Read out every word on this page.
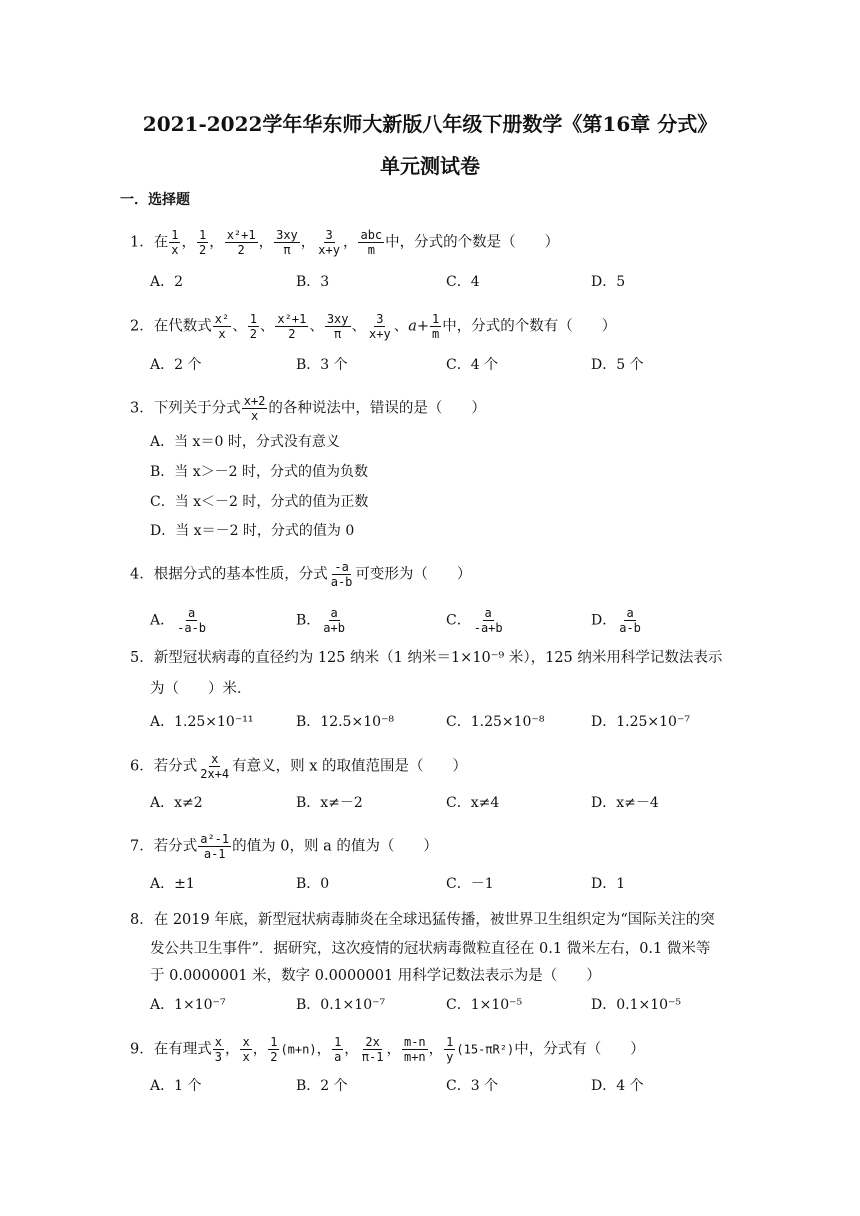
2021-2022学年华东师大新版八年级下册数学《第16章 分式》
单元测试卷
一．选择题
1．在 $\frac{1}{x}$ ， $\frac{1}{2}$ ， $\frac{\text{x²+1}}{2}$ ， $\frac{3xy}{\pi}$ ， $\frac{3}{x+y}$ ， $\frac{\text{abc}}{m}$ 中，分式的个数是（　　）
A．2	B．3	C．4	D．5
2．在代数式 $\frac{\text{x²}}{x}$ 、 $\frac{1}{2}$ 、 $\frac{\text{x²+1}}{2}$ 、 $\frac{3xy}{\pi}$ 、 $\frac{3}{x+y}$ 、$a+ \frac{1}{m}$ 中，分式的个数有（　　）
A．2 个	B．3 个	C．4 个	D．5 个
3．下列关于分式 $\frac{x+2}{x}$ 的各种说法中，错误的是（　　）
A．当 x＝0 时，分式没有意义
B．当 x＞－2 时，分式的值为负数
C．当 x＜－2 时，分式的值为正数
D．当 x＝－2 时，分式的值为 0
4．根据分式的基本性质，分式 $\frac{-a}{a-b}$ 可变形为（　　）
A． $\frac{a}{-a-b}$	B． $\frac{a}{a+b}$	C． $\frac{a}{-a+b}$	D． $\frac{a}{a-b}$
5．新型冠状病毒的直径约为 125 纳米（1 纳米＝1×10⁻⁹ 米），125 纳米用科学记数法表示
为（　　）米．
A．1.25×10⁻¹¹	B．12.5×10⁻⁸	C．1.25×10⁻⁸	D．1.25×10⁻⁷
6．若分式 $\frac{x}{2x+4}$ 有意义，则 x 的取值范围是（　　）
A．x≠2	B．x≠－2	C．x≠4	D．x≠－4
7．若分式 $\frac{\text{a²-1}}{a-1}$ 的值为 0，则 a 的值为（　　）
A．±1	B．0	C．－1	D．1
8．在 2019 年底，新型冠状病毒肺炎在全球迅猛传播，被世界卫生组织定为“国际关注的突
发公共卫生事件”．据研究，这次疫情的冠状病毒微粒直径在 0.1 微米左右，0.1 微米等
于 0.0000001 米，数字 0.0000001 用科学记数法表示为是（　　）
A．1×10⁻⁷	B．0.1×10⁻⁷	C．1×10⁻⁵	D．0.1×10⁻⁵
9．在有理式 $\frac{x}{3}$ ， $\frac{x}{x}$ ， $\frac{1}{2} (m+n)$， $\frac{1}{a}$ ， $\frac{2x}{\pi-1}$ ， $\frac{m-n}{m+n}$ ， $\frac{1}{y} (15-\pi R^2)$中，分式有（　　）
A．1 个	B．2 个	C．3 个	D．4 个
